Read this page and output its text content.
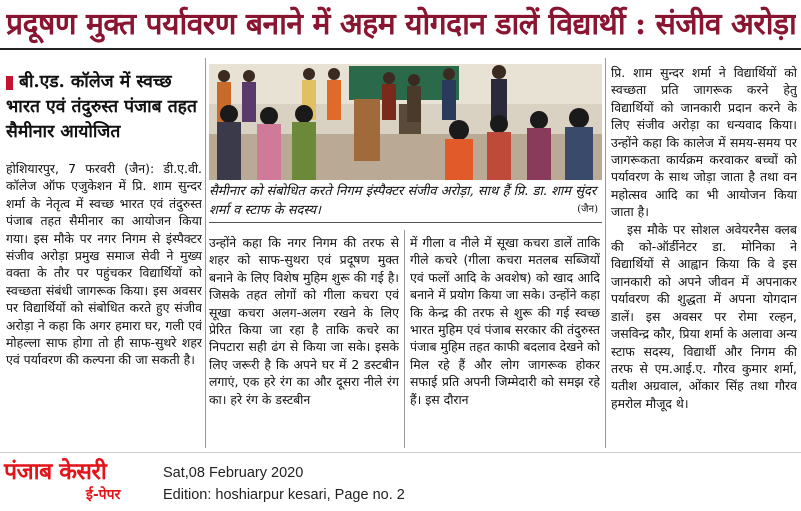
प्रदूषण मुक्त पर्यावरण बनाने में अहम योगदान डालें विद्यार्थी : संजीव अरोड़ा
बी.एड. कॉलेज में स्वच्छ भारत एवं तंदुरुस्त पंजाब तहत सैमीनार आयोजित

होशियारपुर, 7 फरवरी (जैन): डी.ए.वी. कॉलेज ऑफ एजुकेशन में प्रि. शाम सुन्दर शर्मा के नेतृत्व में स्वच्छ भारत एवं तंदुरुस्त पंजाब तहत सैमीनार का आयोजन किया गया। इस मौके पर नगर निगम से इंस्पैक्टर संजीव अरोड़ा प्रमुख समाज सेवी ने मुख्य वक्ता के तौर पर पहुंचकर विद्यार्थियों को स्वच्छता संबंधी जागरूक किया। इस अवसर पर विद्यार्थियों को संबोधित करते हुए संजीव अरोड़ा ने कहा कि अगर हमारा घर, गली एवं मोहल्ला साफ होगा तो ही साफ-सुथरे शहर एवं पर्यावरण की कल्पना की जा सकती है।

सैमीनार को संबोधित करते निगम इंस्पैक्टर संजीव अरोड़ा, साथ हैं प्रि. डा. शाम सुंदर शर्मा व स्टाफ के सदस्य।	(जैन)

उन्होंने कहा कि नगर निगम की तरफ से शहर को साफ-सुथरा एवं प्रदूषण मुक्त बनाने के लिए विशेष मुहिम शुरू की गई है। जिसके तहत लोगों को गीला कचरा एवं सूखा कचरा अलग-अलग रखने के लिए प्रेरित किया जा रहा है ताकि कचरे का निपटारा सही ढंग से किया जा सके। इसके लिए जरूरी है कि अपने घर में 2 डस्टबीन लगाएं, एक हरे रंग का और दूसरा नीले रंग का। हरे रंग के डस्टबीन

में गीला व नीले में सूखा कचरा डालें ताकि गीले कचरे (गीला कचरा मतलब सब्जियों एवं फलों आदि के अवशेष) को खाद आदि बनाने में प्रयोग किया जा सके। उन्होंने कहा कि केन्द्र की तरफ से शुरू की गई स्वच्छ भारत मुहिम एवं पंजाब सरकार की तंदुरुस्त पंजाब मुहिम तहत काफी बदलाव देखने को मिल रहे हैं और लोग जागरूक होकर सफाई प्रति अपनी जिम्मेदारी को समझ रहे हैं। इस दौरान

प्रि. शाम सुन्दर शर्मा ने विद्यार्थियों को स्वच्छता प्रति जागरूक करने हेतु विद्यार्थियों को जानकारी प्रदान करने के लिए संजीव अरोड़ा का धन्यवाद किया। उन्होंने कहा कि कालेज में समय-समय पर जागरूकता कार्यक्रम करवाकर बच्चों को पर्यावरण के साथ जोड़ा जाता है तथा वन महोत्सव आदि का भी आयोजन किया जाता है।

इस मौके पर सोशल अवेयरनैस क्लब की को-ऑर्डीनेटर डा. मोनिका ने विद्यार्थियों से आह्वान किया कि वे इस जानकारी को अपने जीवन में अपनाकर पर्यावरण की शुद्धता में अपना योगदान डालें। इस अवसर पर रोमा रल्हन, जसविन्द्र कौर, प्रिया शर्मा के अलावा अन्य स्टाफ सदस्य, विद्यार्थी और निगम की तरफ से एम.आई.ए. गौरव कुमार शर्मा, यतीश अग्रवाल, ओंकार सिंह तथा गौरव हमरोल मौजूद थे।

पंजाब केसरी
ई-पेपर
Sat,08 February 2020
Edition: hoshiarpur kesari, Page no. 2
